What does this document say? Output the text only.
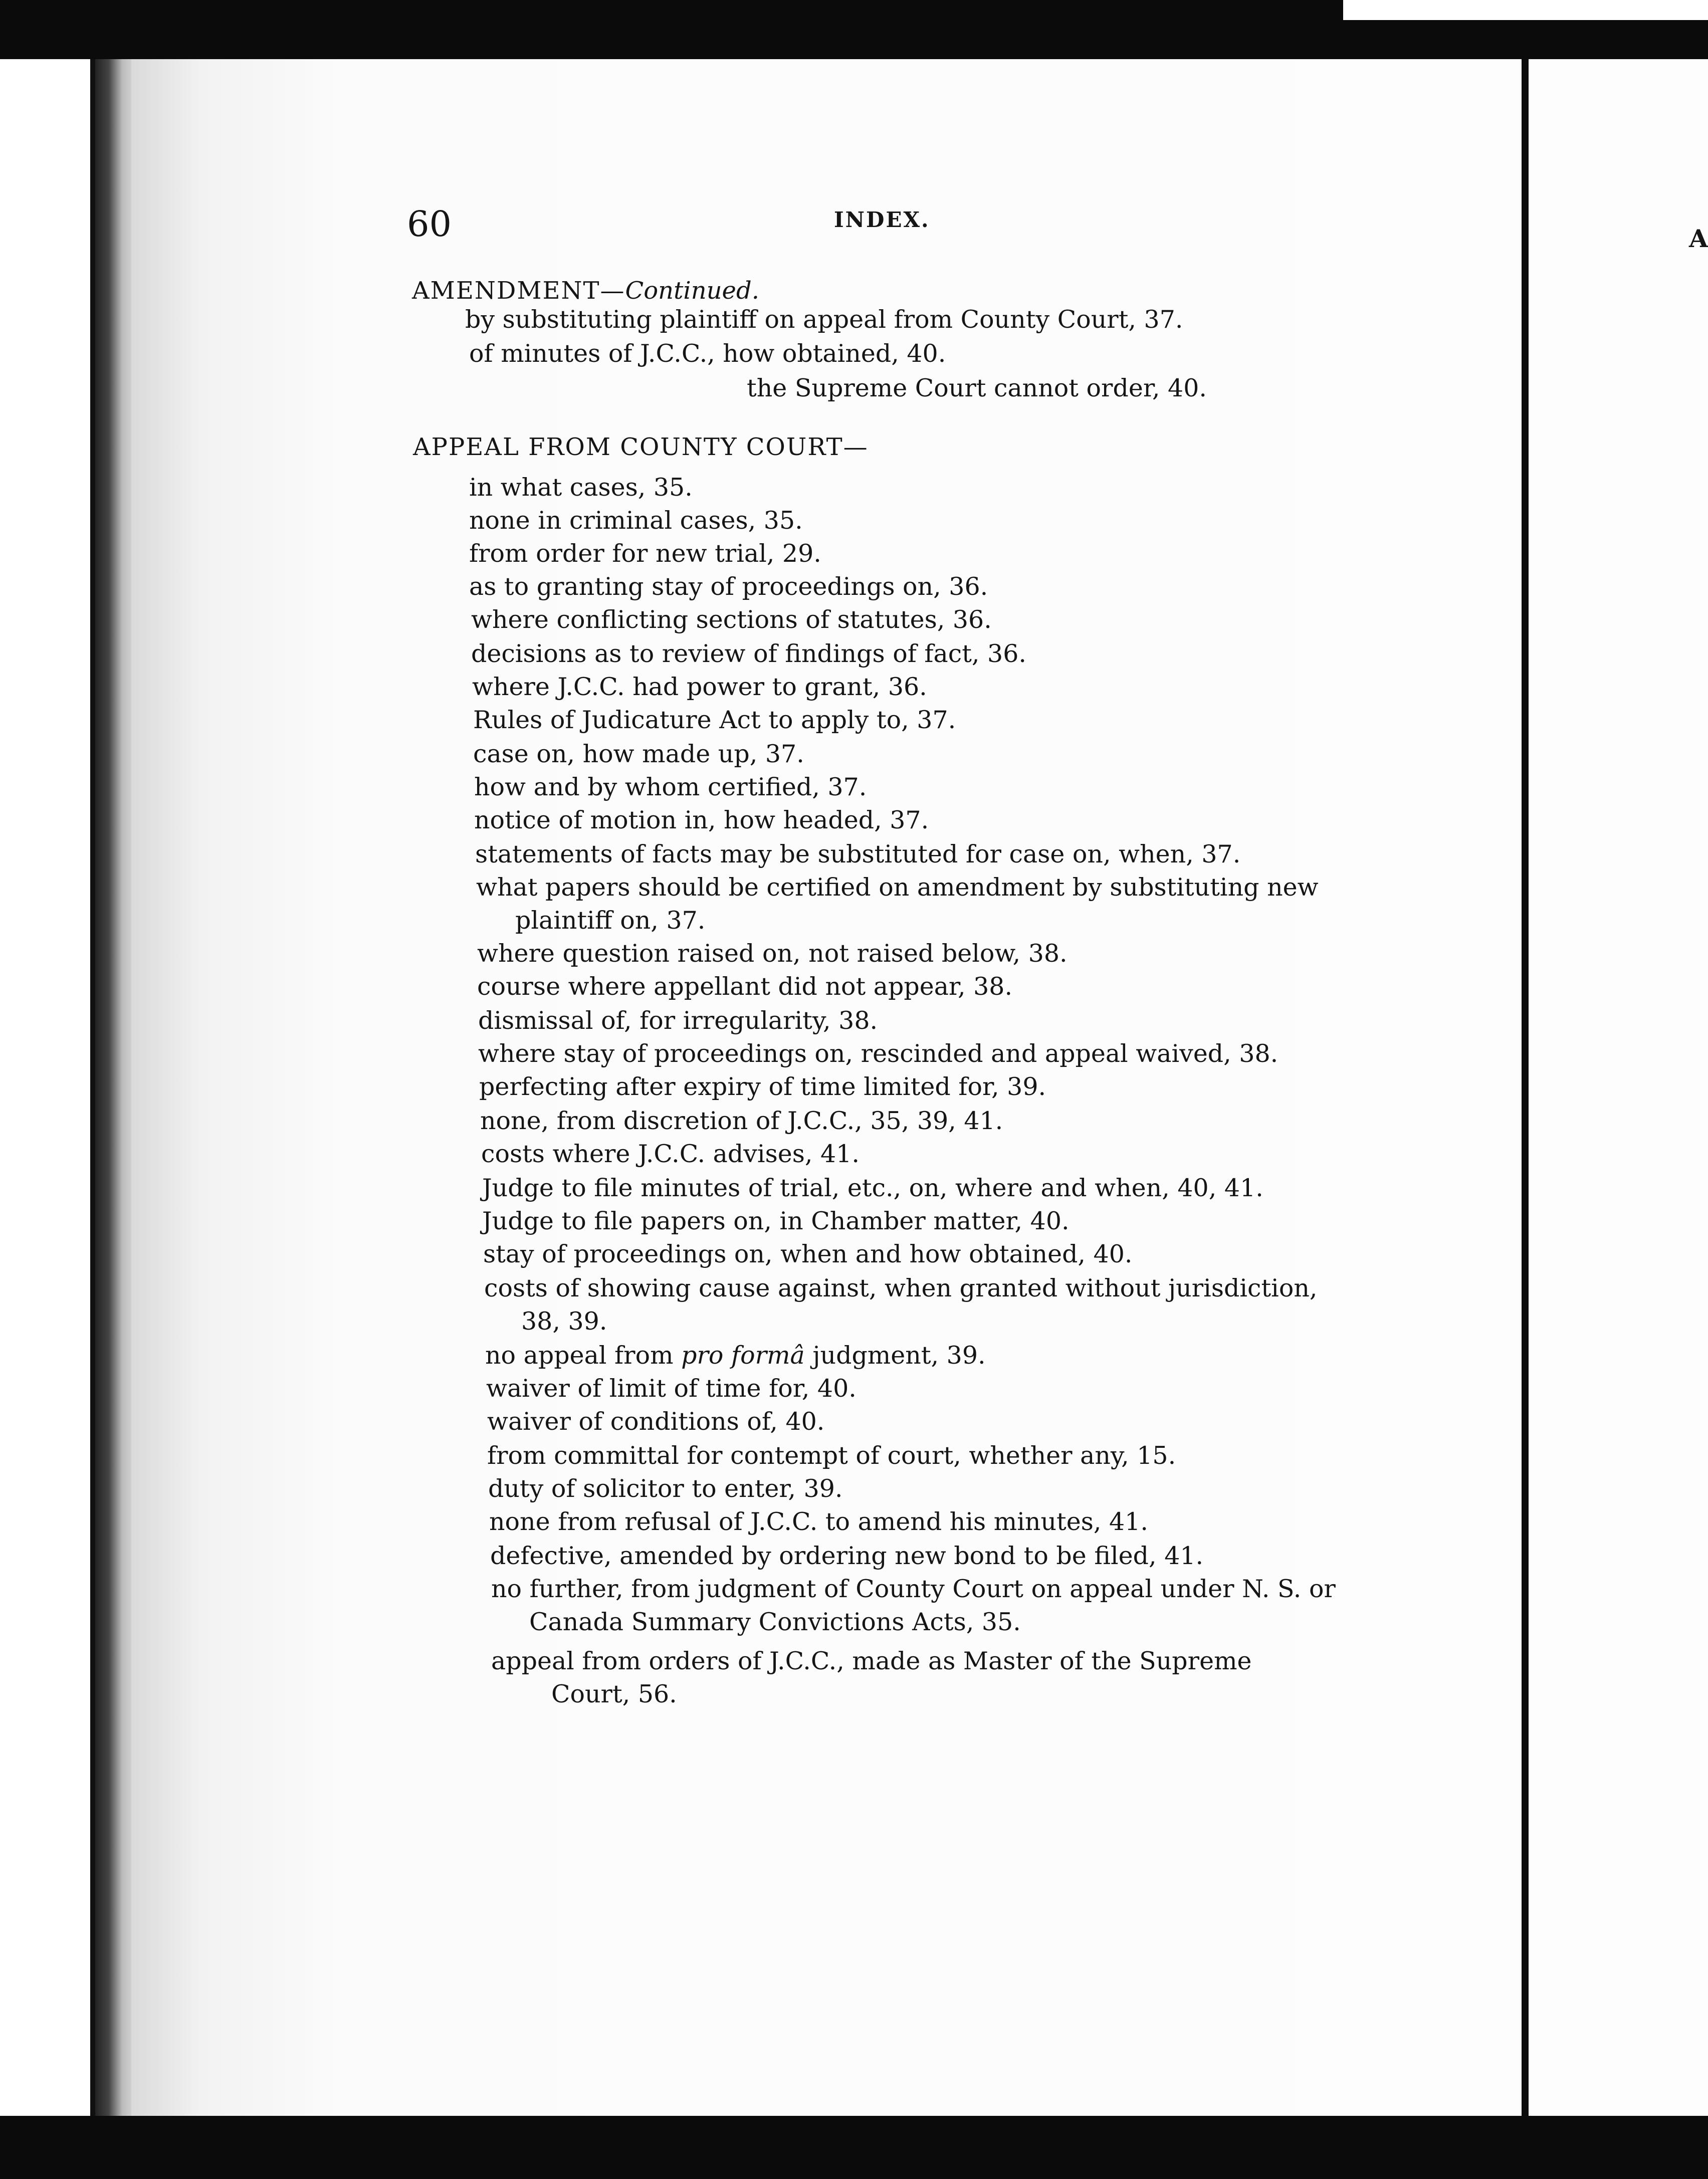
A
60	INDEX.
AMENDMENT—Continued.
by substituting plaintiff on appeal from County Court, 37.
of minutes of J.C.C., how obtained, 40.
the Supreme Court cannot order, 40.
APPEAL FROM COUNTY COURT—
in what cases, 35.
none in criminal cases, 35.
from order for new trial, 29.
as to granting stay of proceedings on, 36.
where conflicting sections of statutes, 36.
decisions as to review of findings of fact, 36.
where J.C.C. had power to grant, 36.
Rules of Judicature Act to apply to, 37.
case on, how made up, 37.
how and by whom certified, 37.
notice of motion in, how headed, 37.
statements of facts may be substituted for case on, when, 37.
what papers should be certified on amendment by substituting new
plaintiff on, 37.
where question raised on, not raised below, 38.
course where appellant did not appear, 38.
dismissal of, for irregularity, 38.
where stay of proceedings on, rescinded and appeal waived, 38.
perfecting after expiry of time limited for, 39.
none, from discretion of J.C.C., 35, 39, 41.
costs where J.C.C. advises, 41.
Judge to file minutes of trial, etc., on, where and when, 40, 41.
Judge to file papers on, in Chamber matter, 40.
stay of proceedings on, when and how obtained, 40.
costs of showing cause against, when granted without jurisdiction,
38, 39.
no appeal from pro formâ judgment, 39.
waiver of limit of time for, 40.
waiver of conditions of, 40.
from committal for contempt of court, whether any, 15.
duty of solicitor to enter, 39.
none from refusal of J.C.C. to amend his minutes, 41.
defective, amended by ordering new bond to be filed, 41.
no further, from judgment of County Court on appeal under N. S. or
Canada Summary Convictions Acts, 35.
appeal from orders of J.C.C., made as Master of the Supreme
Court, 56.
